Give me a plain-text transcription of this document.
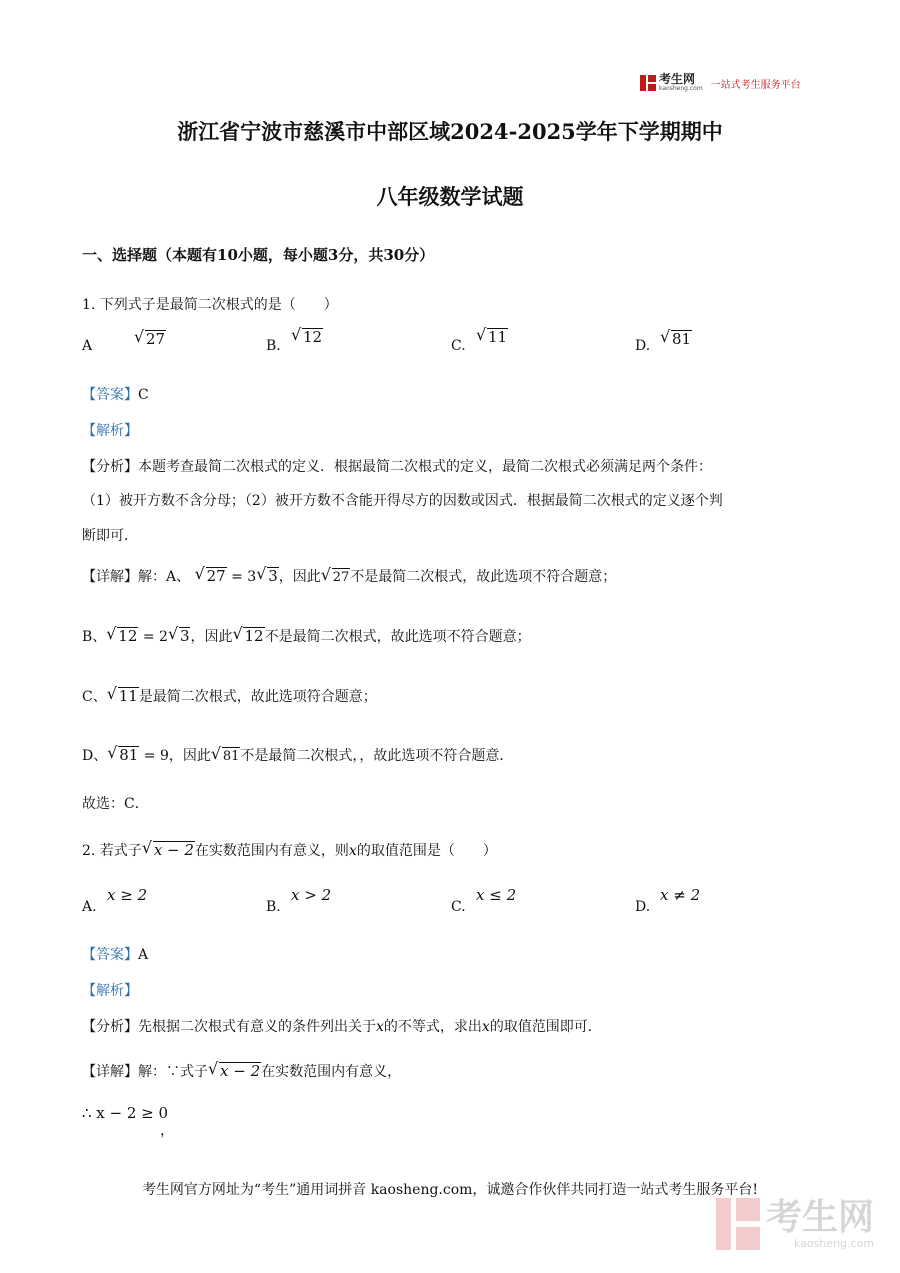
考生网
kaosheng.com 一站式考生服务平台
浙江省宁波市慈溪市中部区域2024-2025学年下学期期中
八年级数学试题
一、选择题（本题有10小题，每小题3分，共30分）
1. 下列式子是最简二次根式的是（　　）
A	√ 27	B.	√ 12	C.	√ 11	D.	√ 81
【答案】C
【解析】
【分析】本题考查最简二次根式的定义．根据最简二次根式的定义，最简二次根式必须满足两个条件：
（1）被开方数不含分母；（2）被开方数不含能开得尽方的因数或因式．根据最简二次根式的定义逐个判
断即可．
【详解】解：A、 √ 27 = 3 √ 3，因此 √ 27不是最简二次根式，故此选项不符合题意；
B、 √ 12 = 2 √ 3，因此 √ 12不是最简二次根式，故此选项不符合题意；
C、 √ 11是最简二次根式，故此选项符合题意；
D、 √ 81 = 9，因此 √ 81不是最简二次根式，，故此选项不符合题意．
故选：C．
2. 若式子 √ x − 2在实数范围内有意义，则x的取值范围是（　　）
A.
x ≥ 2
B.
x > 2
C.
x ≤ 2
D.
x ≠ 2
【答案】A
【解析】
【分析】先根据二次根式有意义的条件列出关于x的不等式，求出x的取值范围即可．
【详解】解：∵式子 √ x − 2在实数范围内有意义，
∴ x − 2 ≥ 0
，
考生网官方网址为“考生”通用词拼音 kaosheng.com，诚邀合作伙伴共同打造一站式考生服务平台!
考生网
kaosheng.com
